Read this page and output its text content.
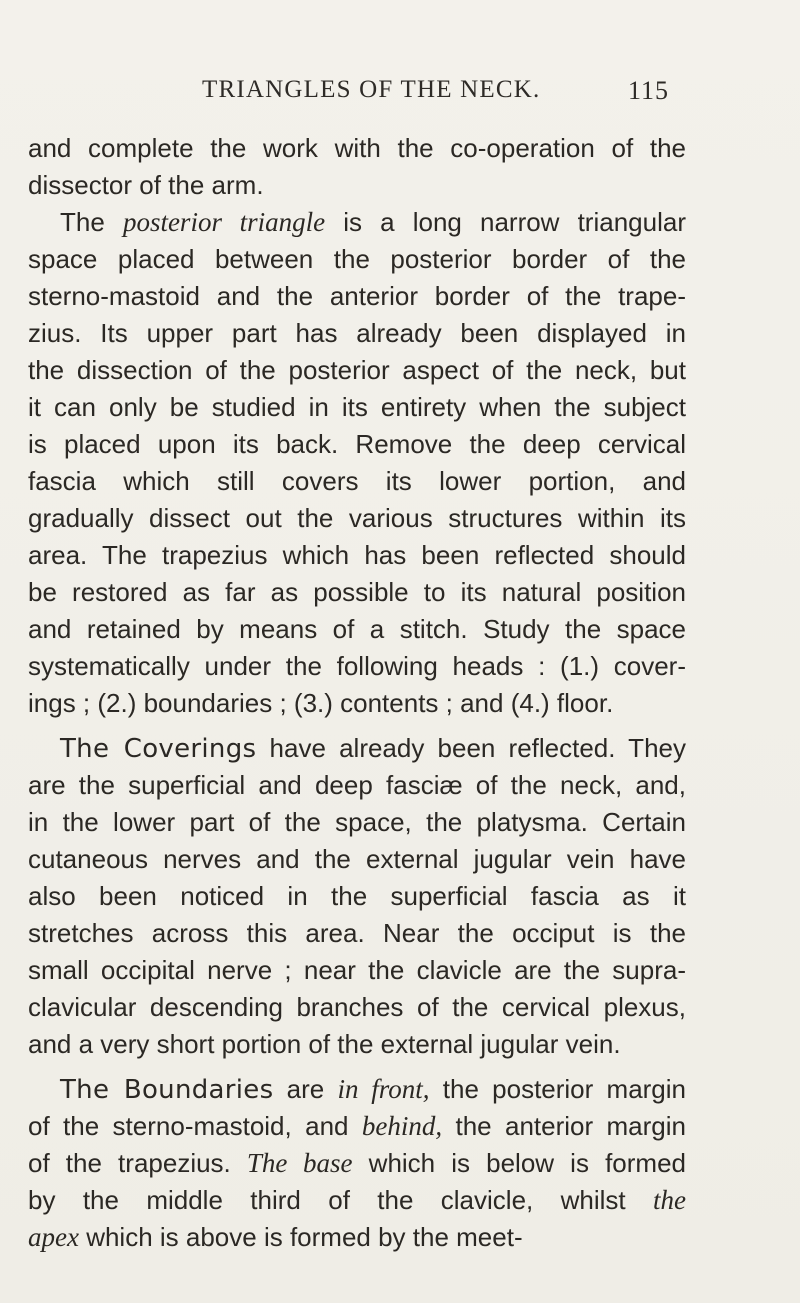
TRIANGLES OF THE NECK.	115
and complete the work with the co-operation of the
dissector of the arm.
The posterior triangle is a long narrow triangular
space placed between the posterior border of the
sterno-mastoid and the anterior border of the trape-
zius. Its upper part has already been displayed in
the dissection of the posterior aspect of the neck, but
it can only be studied in its entirety when the subject
is placed upon its back. Remove the deep cervical
fascia which still covers its lower portion, and
gradually dissect out the various structures within its
area. The trapezius which has been reflected should
be restored as far as possible to its natural position
and retained by means of a stitch. Study the space
systematically under the following heads : (1.) cover-
ings ; (2.) boundaries ; (3.) contents ; and (4.) floor.
The Coverings have already been reflected. They
are the superficial and deep fasciæ of the neck, and,
in the lower part of the space, the platysma. Certain
cutaneous nerves and the external jugular vein have
also been noticed in the superficial fascia as it
stretches across this area. Near the occiput is the
small occipital nerve ; near the clavicle are the supra-
clavicular descending branches of the cervical plexus,
and a very short portion of the external jugular vein.
The Boundaries are in front, the posterior margin
of the sterno-mastoid, and behind, the anterior margin
of the trapezius. The base which is below is formed
by the middle third of the clavicle, whilst the
apex which is above is formed by the meet-
